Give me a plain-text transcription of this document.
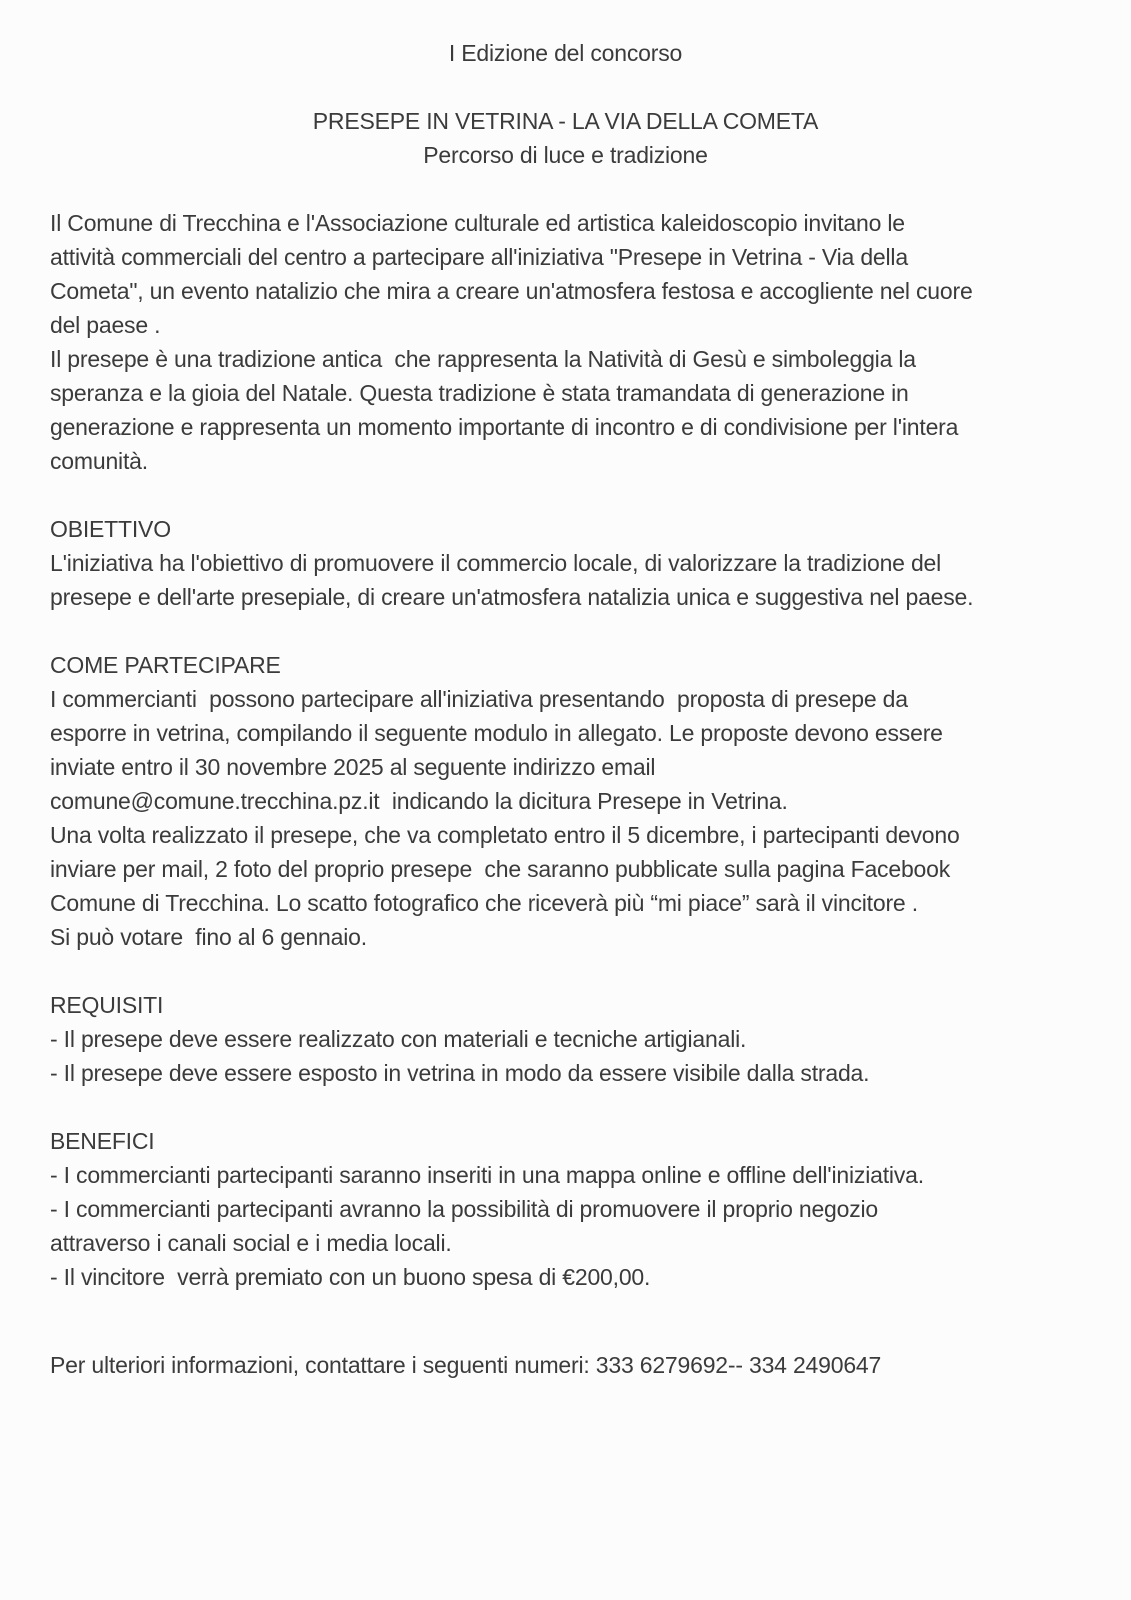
I Edizione del concorso
PRESEPE IN VETRINA - LA VIA DELLA COMETA
Percorso di luce e tradizione
Il Comune di Trecchina e l'Associazione culturale ed artistica kaleidoscopio invitano le
attività commerciali del centro a partecipare all'iniziativa "Presepe in Vetrina - Via della
Cometa", un evento natalizio che mira a creare un'atmosfera festosa e accogliente nel cuore
del paese .
Il presepe è una tradizione antica  che rappresenta la Natività di Gesù e simboleggia la
speranza e la gioia del Natale. Questa tradizione è stata tramandata di generazione in
generazione e rappresenta un momento importante di incontro e di condivisione per l'intera
comunità.
OBIETTIVO
L'iniziativa ha l'obiettivo di promuovere il commercio locale, di valorizzare la tradizione del
presepe e dell'arte presepiale, di creare un'atmosfera natalizia unica e suggestiva nel paese.
COME PARTECIPARE
I commercianti  possono partecipare all'iniziativa presentando  proposta di presepe da
esporre in vetrina, compilando il seguente modulo in allegato. Le proposte devono essere
inviate entro il 30 novembre 2025 al seguente indirizzo email
comune@comune.trecchina.pz.it  indicando la dicitura Presepe in Vetrina.
Una volta realizzato il presepe, che va completato entro il 5 dicembre, i partecipanti devono
inviare per mail, 2 foto del proprio presepe  che saranno pubblicate sulla pagina Facebook
Comune di Trecchina. Lo scatto fotografico che riceverà più “mi piace” sarà il vincitore .
Si può votare  fino al 6 gennaio.
REQUISITI
- Il presepe deve essere realizzato con materiali e tecniche artigianali.
- Il presepe deve essere esposto in vetrina in modo da essere visibile dalla strada.
BENEFICI
- I commercianti partecipanti saranno inseriti in una mappa online e offline dell'iniziativa.
- I commercianti partecipanti avranno la possibilità di promuovere il proprio negozio
attraverso i canali social e i media locali.
- Il vincitore  verrà premiato con un buono spesa di €200,00.
Per ulteriori informazioni, contattare i seguenti numeri: 333 6279692-- 334 2490647
